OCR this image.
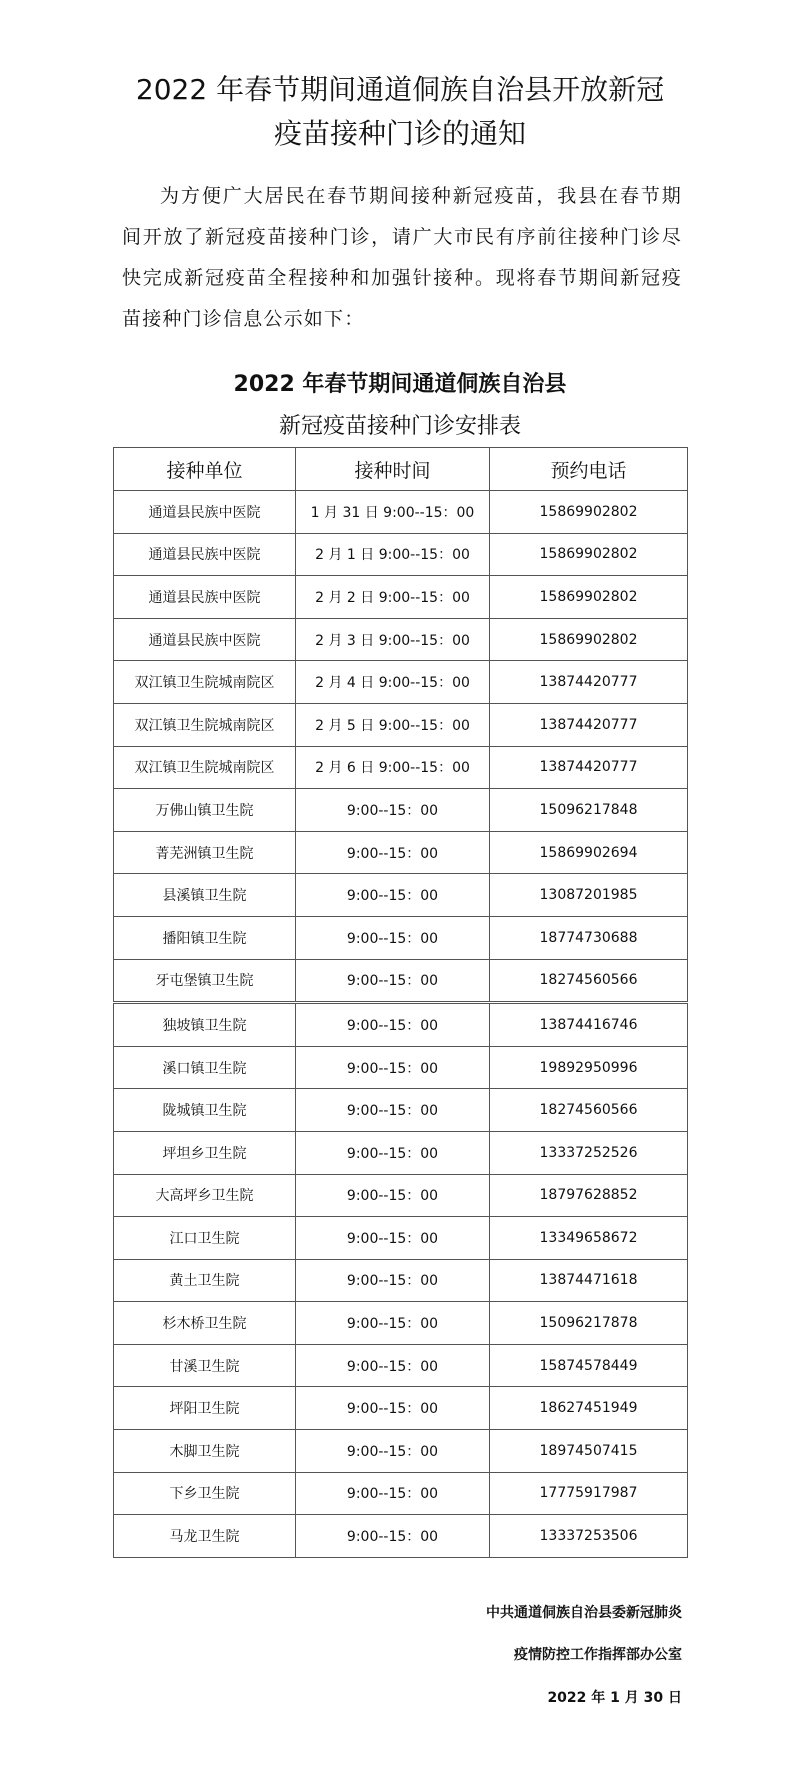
2022 年春节期间通道侗族自治县开放新冠
疫苗接种门诊的通知

为方便广大居民在春节期间接种新冠疫苗，我县在春节期间开放了新冠疫苗接种门诊，请广大市民有序前往接种门诊尽快完成新冠疫苗全程接种和加强针接种。现将春节期间新冠疫苗接种门诊信息公示如下：

2022 年春节期间通道侗族自治县
新冠疫苗接种门诊安排表
接种单位	接种时间	预约电话
通道县民族中医院	1 月 31 日 9:00--15：00	15869902802
通道县民族中医院	2 月 1 日 9:00--15：00	15869902802
通道县民族中医院	2 月 2 日 9:00--15：00	15869902802
通道县民族中医院	2 月 3 日 9:00--15：00	15869902802
双江镇卫生院城南院区	2 月 4 日 9:00--15：00	13874420777
双江镇卫生院城南院区	2 月 5 日 9:00--15：00	13874420777
双江镇卫生院城南院区	2 月 6 日 9:00--15：00	13874420777
万佛山镇卫生院	9:00--15：00	15096217848
菁芜洲镇卫生院	9:00--15：00	15869902694
县溪镇卫生院	9:00--15：00	13087201985
播阳镇卫生院	9:00--15：00	18774730688
牙屯堡镇卫生院	9:00--15：00	18274560566
独坡镇卫生院	9:00--15：00	13874416746
溪口镇卫生院	9:00--15：00	19892950996
陇城镇卫生院	9:00--15：00	18274560566
坪坦乡卫生院	9:00--15：00	13337252526
大高坪乡卫生院	9:00--15：00	18797628852
江口卫生院	9:00--15：00	13349658672
黄土卫生院	9:00--15：00	13874471618
杉木桥卫生院	9:00--15：00	15096217878
甘溪卫生院	9:00--15：00	15874578449
坪阳卫生院	9:00--15：00	18627451949
木脚卫生院	9:00--15：00	18974507415
下乡卫生院	9:00--15：00	17775917987
马龙卫生院	9:00--15：00	13337253506

中共通道侗族自治县委新冠肺炎

疫情防控工作指挥部办公室

2022 年 1 月 30 日
